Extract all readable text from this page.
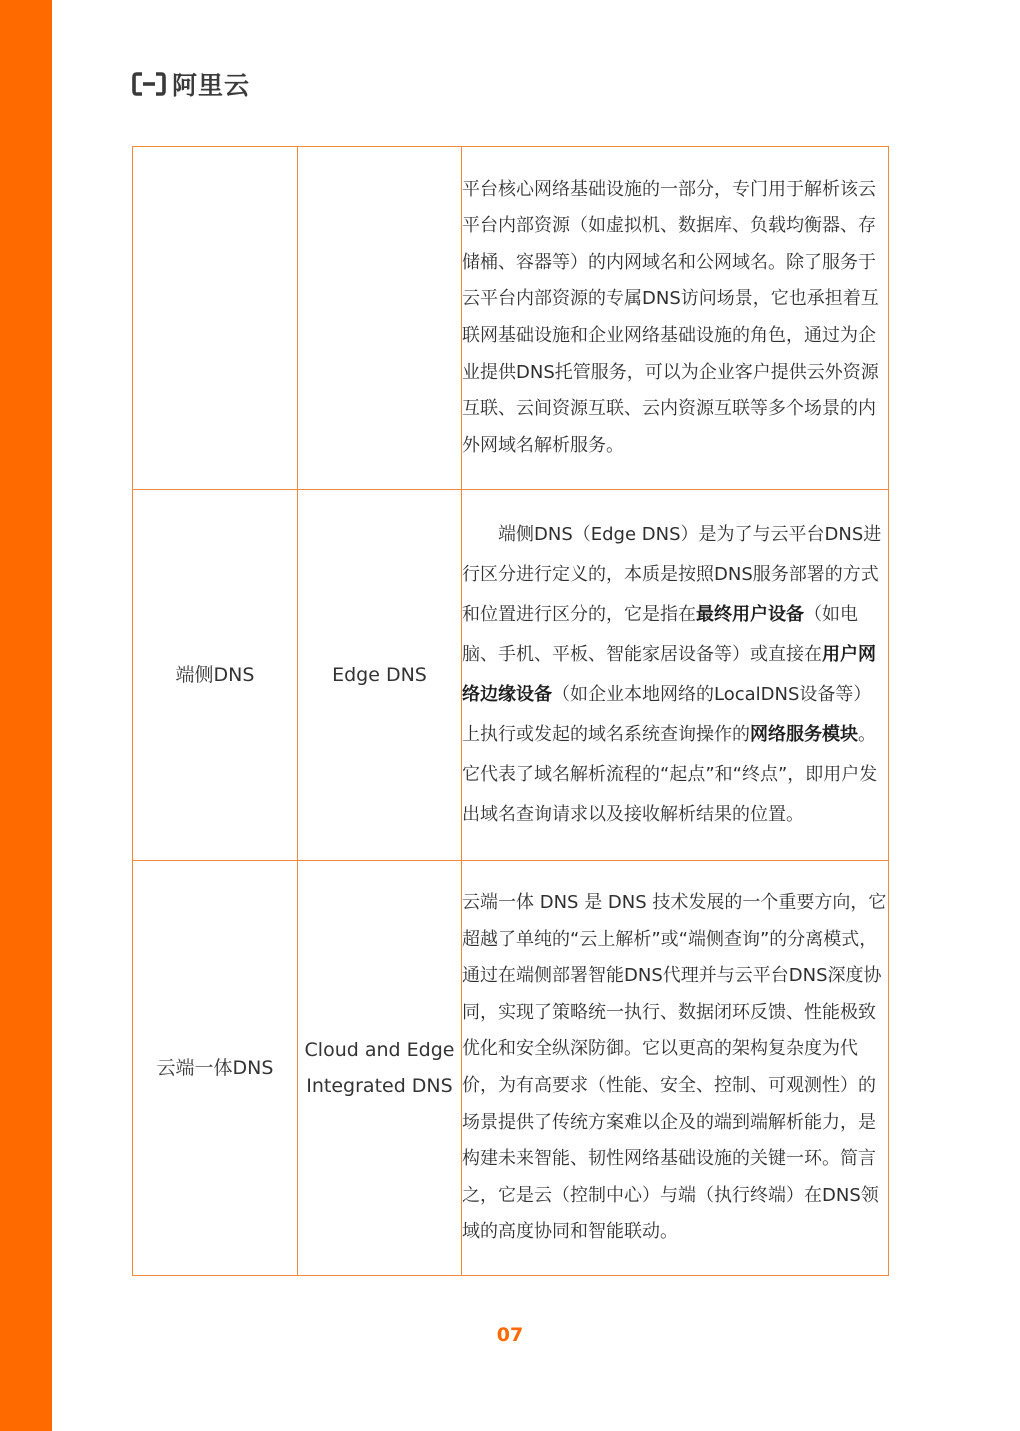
阿里云

		平台核心网络基础设施的一部分，专门用于解析该云平台内部资源（如虚拟机、数据库、负载均衡器、存储桶、容器等）的内网域名和公网域名。除了服务于云平台内部资源的专属DNS访问场景，它也承担着互联网基础设施和企业网络基础设施的角色，通过为企业提供DNS托管服务，可以为企业客户提供云外资源互联、云间资源互联、云内资源互联等多个场景的内外网域名解析服务。

端侧DNS	Edge DNS	端侧DNS（Edge DNS）是为了与云平台DNS进行区分进行定义的，本质是按照DNS服务部署的方式和位置进行区分的，它是指在最终用户设备（如电脑、手机、平板、智能家居设备等）或直接在用户网络边缘设备（如企业本地网络的LocalDNS设备等）上执行或发起的域名系统查询操作的网络服务模块。它代表了域名解析流程的“起点”和“终点”，即用户发出域名查询请求以及接收解析结果的位置。

云端一体DNS	Cloud and Edge Integrated DNS	云端一体 DNS 是 DNS 技术发展的一个重要方向，它超越了单纯的“云上解析”或“端侧查询”的分离模式，通过在端侧部署智能DNS代理并与云平台DNS深度协同，实现了策略统一执行、数据闭环反馈、性能极致优化和安全纵深防御。它以更高的架构复杂度为代价，为有高要求（性能、安全、控制、可观测性）的场景提供了传统方案难以企及的端到端解析能力，是构建未来智能、韧性网络基础设施的关键一环。简言之，它是云（控制中心）与端（执行终端）在DNS领域的高度协同和智能联动。

07
